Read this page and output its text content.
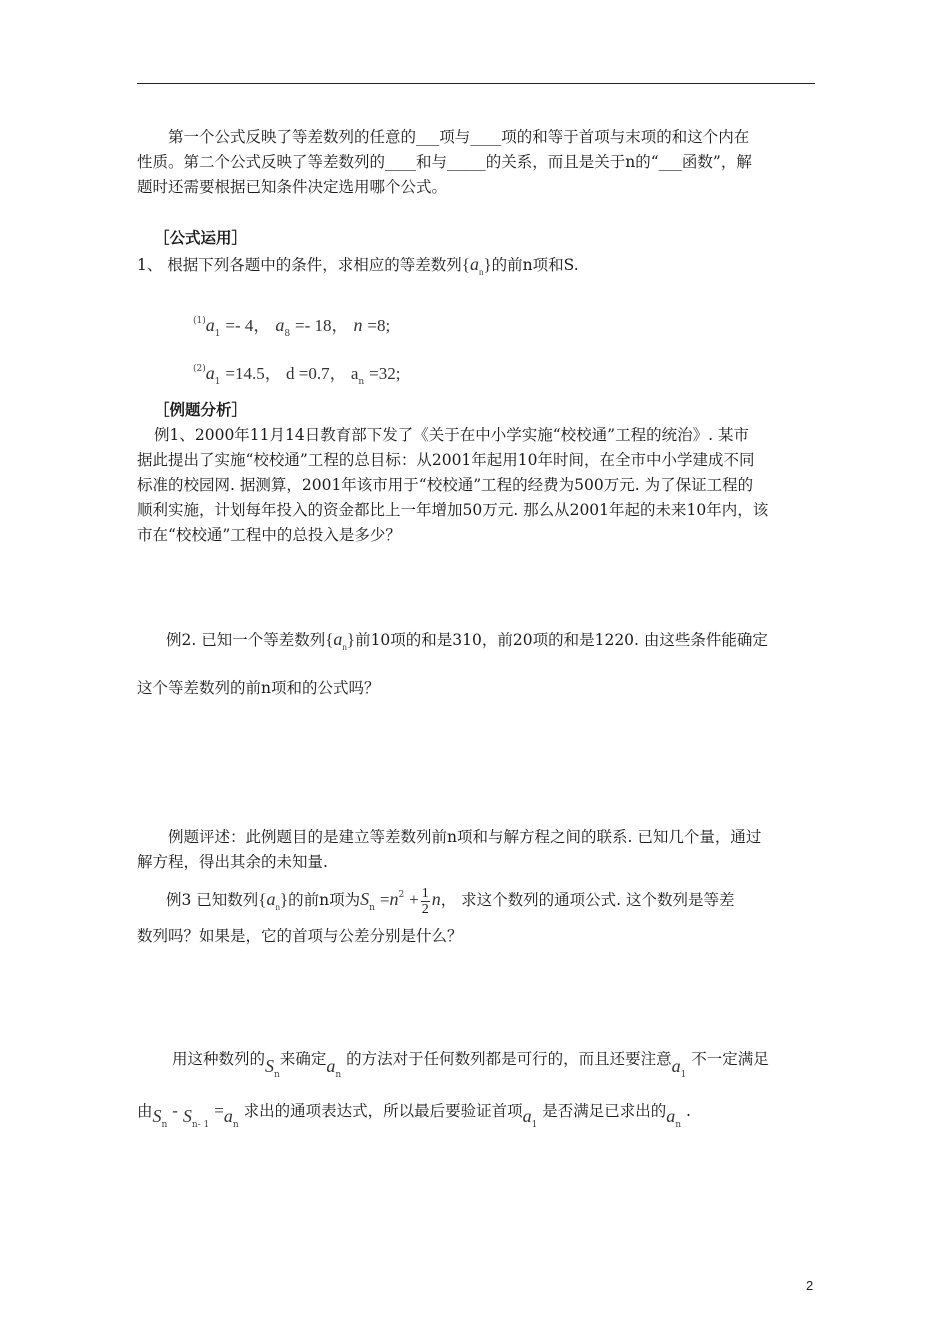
第一个公式反映了等差数列的任意的___项与____项的和等于首项与末项的和这个内在
性质。第二个公式反映了等差数列的____和与_____的关系，而且是关于n的“___函数”，解
题时还需要根据已知条件决定选用哪个公式。
［公式运用］
1、 根据下列各题中的条件，求相应的等差数列$\{a_n\}$的前n项和S.
$^{(1)}a_1 =- 4$， $a_8 =- 18$， n =8;
$^{(2)}a_1 =14.5$， d =0.7， $a_n =32$;
［例题分析］
例1、2000年11月14日教育部下发了《关于在中小学实施“校校通”工程的统治》. 某市
据此提出了实施“校校通”工程的总目标：从2001年起用10年时间，在全市中小学建成不同
标准的校园网. 据测算，2001年该市用于“校校通”工程的经费为500万元. 为了保证工程的
顺利实施，计划每年投入的资金都比上一年增加50万元. 那么从2001年起的未来10年内，该
市在“校校通”工程中的总投入是多少？
例2. 已知一个等差数列$\{a_n\}$前10项的和是310，前20项的和是1220. 由这些条件能确定
这个等差数列的前n项和的公式吗？
例题评述：此例题目的是建立等差数列前n项和与解方程之间的联系. 已知几个量，通过
解方程，得出其余的未知量.
例3 已知数列$\{a_n\}$的前n项为$S_n =n^2 + \frac{1}{2}$ n， 求这个数列的通项公式. 这个数列是等差
数列吗？如果是，它的首项与公差分别是什么？
用这种数列的$S_n$来确定$a_n$ 的方法对于任何数列都是可行的，而且还要注意$a_1$ 不一定满足
由$S_n - S_{n- 1} =a_n$ 求出的通项表达式，所以最后要验证首项$a_1$ 是否满足已求出的$a_n$ .
2
